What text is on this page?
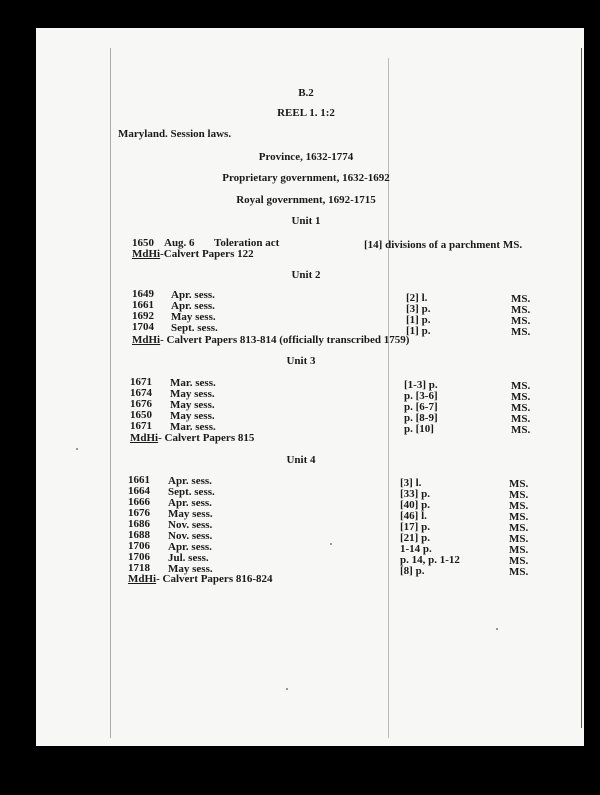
B.2
REEL 1. 1:2
Maryland. Session laws.
Province, 1632-1774
Proprietary government, 1632-1692
Royal government, 1692-1715
Unit 1
1650 Aug. 6 Toleration act	[14] divisions of a parchment MS.
MdHi-Calvert Papers 122
Unit 2
1649 Apr. sess.	[2] l.	MS.
1661 Apr. sess.	[3] p.	MS.
1692 May sess.	[1] p.	MS.
1704 Sept. sess.	[1] p.	MS.
MdHi- Calvert Papers 813-814 (officially transcribed 1759)
Unit 3
1671 Mar. sess.	[1-3] p.	MS.
1674 May sess.	p. [3-6]	MS.
1676 May sess.	p. [6-7]	MS.
1650 May sess.	p. [8-9]	MS.
1671 Mar. sess.	p. [10]	MS.
MdHi- Calvert Papers 815
Unit 4
1661 Apr. sess.	[3] l.	MS.
1664 Sept. sess.	[33] p.	MS.
1666 Apr. sess.	[40] p.	MS.
1676 May sess.	[46] l.	MS.
1686 Nov. sess.	[17] p.	MS.
1688 Nov. sess.	[21] p.	MS.
1706 Apr. sess.	1-14 p.	MS.
1706 Jul. sess.	p. 14, p. 1-12	MS.
1718 May sess.	[8] p.	MS.
MdHi- Calvert Papers 816-824
